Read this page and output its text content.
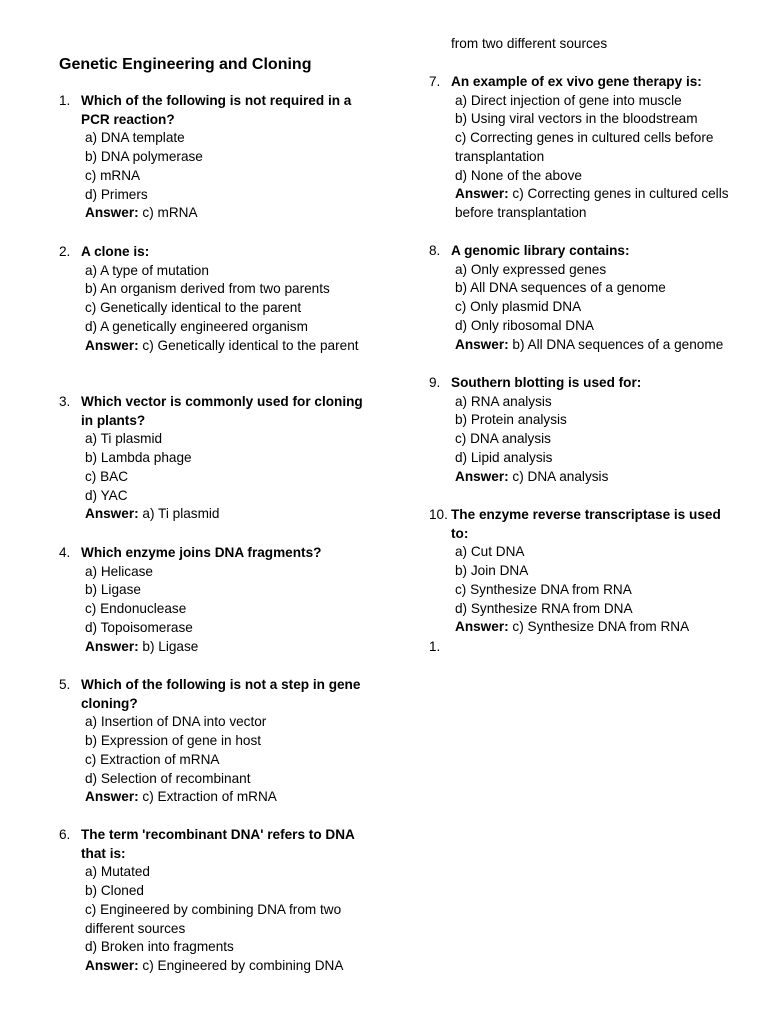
Genetic Engineering and Cloning
1. Which of the following is not required in a PCR reaction?
a) DNA template
b) DNA polymerase
c) mRNA
d) Primers
Answer: c) mRNA
2. A clone is:
a) A type of mutation
b) An organism derived from two parents
c) Genetically identical to the parent
d) A genetically engineered organism
Answer: c) Genetically identical to the parent
3. Which vector is commonly used for cloning in plants?
a) Ti plasmid
b) Lambda phage
c) BAC
d) YAC
Answer: a) Ti plasmid
4. Which enzyme joins DNA fragments?
a) Helicase
b) Ligase
c) Endonuclease
d) Topoisomerase
Answer: b) Ligase
5. Which of the following is not a step in gene cloning?
a) Insertion of DNA into vector
b) Expression of gene in host
c) Extraction of mRNA
d) Selection of recombinant
Answer: c) Extraction of mRNA
6. The term 'recombinant DNA' refers to DNA that is:
a) Mutated
b) Cloned
c) Engineered by combining DNA from two different sources
d) Broken into fragments
Answer: c) Engineered by combining DNA
from two different sources
7. An example of ex vivo gene therapy is:
a) Direct injection of gene into muscle
b) Using viral vectors in the bloodstream
c) Correcting genes in cultured cells before transplantation
d) None of the above
Answer: c) Correcting genes in cultured cells before transplantation
8. A genomic library contains:
a) Only expressed genes
b) All DNA sequences of a genome
c) Only plasmid DNA
d) Only ribosomal DNA
Answer: b) All DNA sequences of a genome
9. Southern blotting is used for:
a) RNA analysis
b) Protein analysis
c) DNA analysis
d) Lipid analysis
Answer: c) DNA analysis
10. The enzyme reverse transcriptase is used to:
a) Cut DNA
b) Join DNA
c) Synthesize DNA from RNA
d) Synthesize RNA from DNA
Answer: c) Synthesize DNA from RNA
1.
